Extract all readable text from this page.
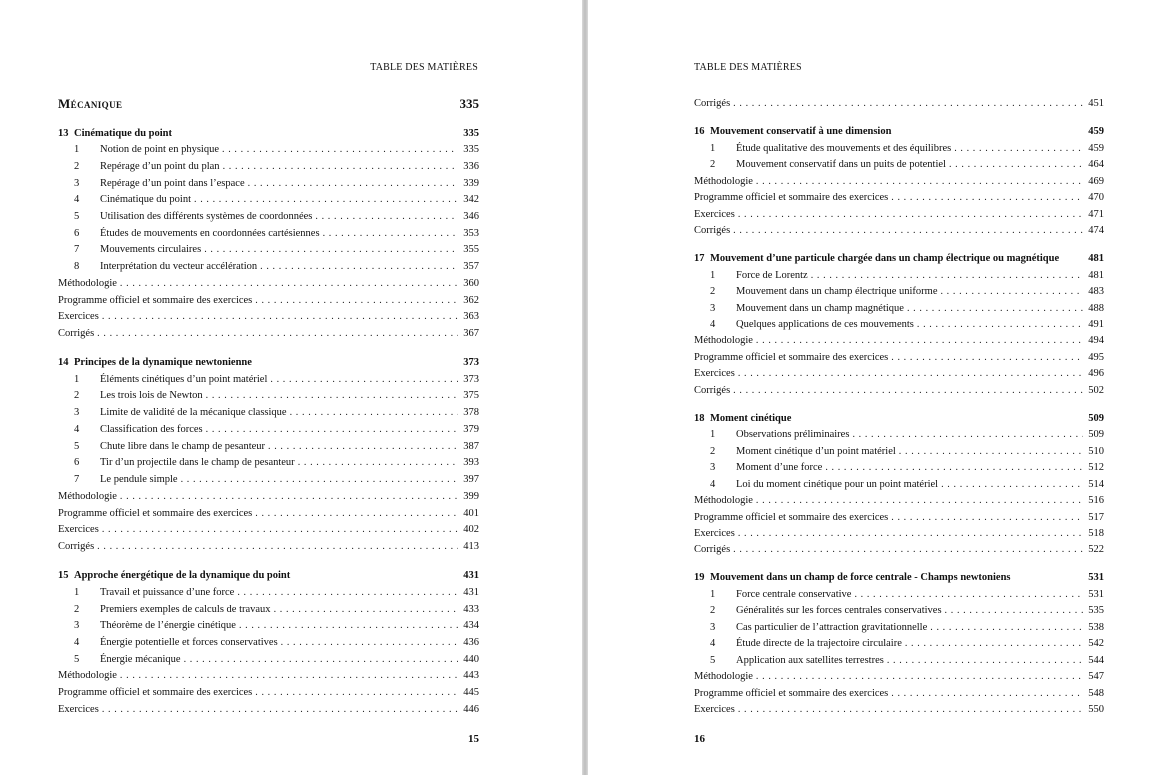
TABLE DES MATIÈRES
Mécanique	335
13 Cinématique du point	335
1	Notion de point en physique . . .	335
2	Repérage d’un point du plan . . .	336
3	Repérage d’un point dans l’espace . . .	339
4	Cinématique du point . . .	342
5	Utilisation des différents systèmes de coordonnées . . .	346
6	Études de mouvements en coordonnées cartésiennes . . .	353
7	Mouvements circulaires . . .	355
8	Interprétation du vecteur accélération . . .	357
Méthodologie . . .	360
Programme officiel et sommaire des exercices . . .	362
Exercices . . .	363
Corrigés . . .	367
14 Principes de la dynamique newtonienne	373
1	Éléments cinétiques d’un point matériel . . .	373
2	Les trois lois de Newton . . .	375
3	Limite de validité de la mécanique classique . . .	378
4	Classification des forces . . .	379
5	Chute libre dans le champ de pesanteur . . .	387
6	Tir d’un projectile dans le champ de pesanteur . . .	393
7	Le pendule simple . . .	397
Méthodologie . . .	399
Programme officiel et sommaire des exercices . . .	401
Exercices . . .	402
Corrigés . . .	413
15 Approche énergétique de la dynamique du point	431
1	Travail et puissance d’une force . . .	431
2	Premiers exemples de calculs de travaux . . .	433
3	Théorème de l’énergie cinétique . . .	434
4	Énergie potentielle et forces conservatives . . .	436
5	Énergie mécanique . . .	440
Méthodologie . . .	443
Programme officiel et sommaire des exercices . . .	445
Exercices . . .	446
15
TABLE DES MATIÈRES
Corrigés . . .	451
16 Mouvement conservatif à une dimension	459
1	Étude qualitative des mouvements et des équilibres . . .	459
2	Mouvement conservatif dans un puits de potentiel . . .	464
Méthodologie . . .	469
Programme officiel et sommaire des exercices . . .	470
Exercices . . .	471
Corrigés . . .	474
17 Mouvement d’une particule chargée dans un champ électrique ou magnétique	481
1	Force de Lorentz . . .	481
2	Mouvement dans un champ électrique uniforme . . .	483
3	Mouvement dans un champ magnétique . . .	488
4	Quelques applications de ces mouvements . . .	491
Méthodologie . . .	494
Programme officiel et sommaire des exercices . . .	495
Exercices . . .	496
Corrigés . . .	502
18 Moment cinétique	509
1	Observations préliminaires . . .	509
2	Moment cinétique d’un point matériel . . .	510
3	Moment d’une force . . .	512
4	Loi du moment cinétique pour un point matériel . . .	514
Méthodologie . . .	516
Programme officiel et sommaire des exercices . . .	517
Exercices . . .	518
Corrigés . . .	522
19 Mouvement dans un champ de force centrale - Champs newtoniens	531
1	Force centrale conservative . . .	531
2	Généralités sur les forces centrales conservatives . . .	535
3	Cas particulier de l’attraction gravitationnelle . . .	538
4	Étude directe de la trajectoire circulaire . . .	542
5	Application aux satellites terrestres . . .	544
Méthodologie . . .	547
Programme officiel et sommaire des exercices . . .	548
Exercices . . .	550
16
